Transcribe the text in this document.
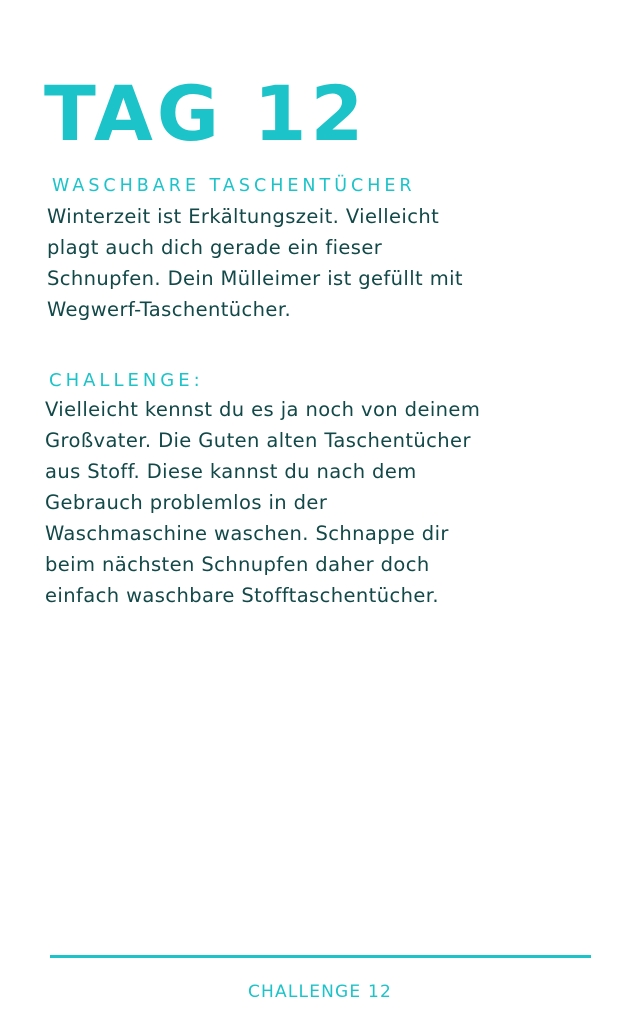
TAG 12

WASCHBARE TASCHENTÜCHER

Winterzeit ist Erkältungszeit. Vielleicht
plagt auch dich gerade ein fieser
Schnupfen. Dein Mülleimer ist gefüllt mit
Wegwerf-Taschentücher.

CHALLENGE:

Vielleicht kennst du es ja noch von deinem
Großvater. Die Guten alten Taschentücher
aus Stoff. Diese kannst du nach dem
Gebrauch problemlos in der
Waschmaschine waschen. Schnappe dir
beim nächsten Schnupfen daher doch
einfach waschbare Stofftaschentücher.

CHALLENGE 12
